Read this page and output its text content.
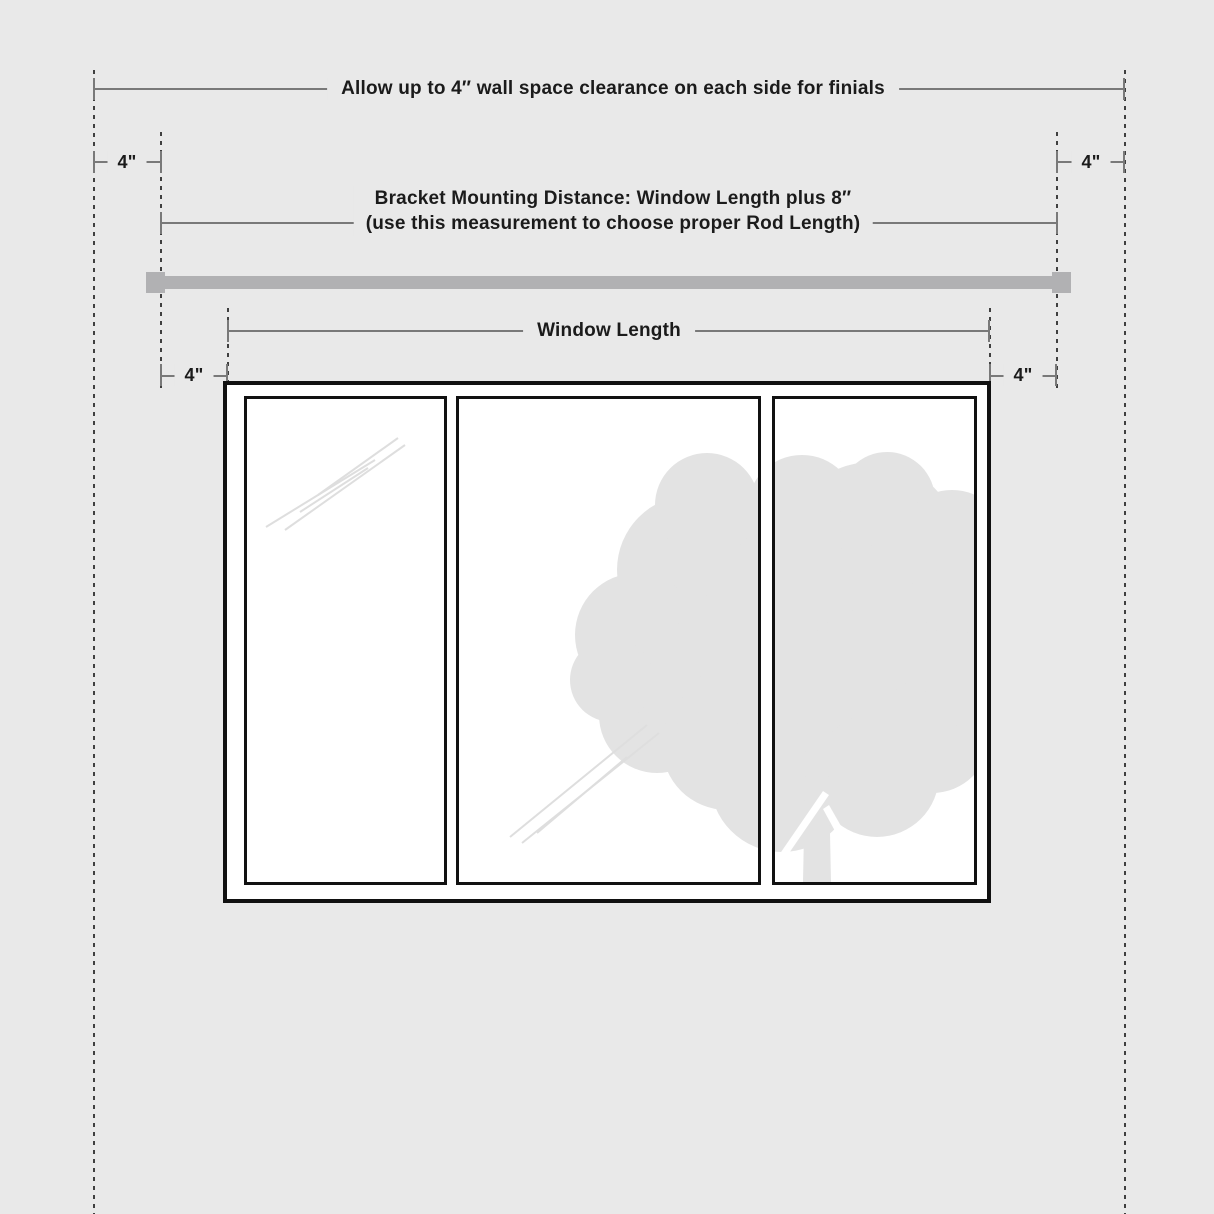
Allow up to 4″ wall space clearance on each side for finials
4"	4"
Bracket Mounting Distance: Window Length plus 8″
(use this measurement to choose proper Rod Length)
Window Length
4"	4"
